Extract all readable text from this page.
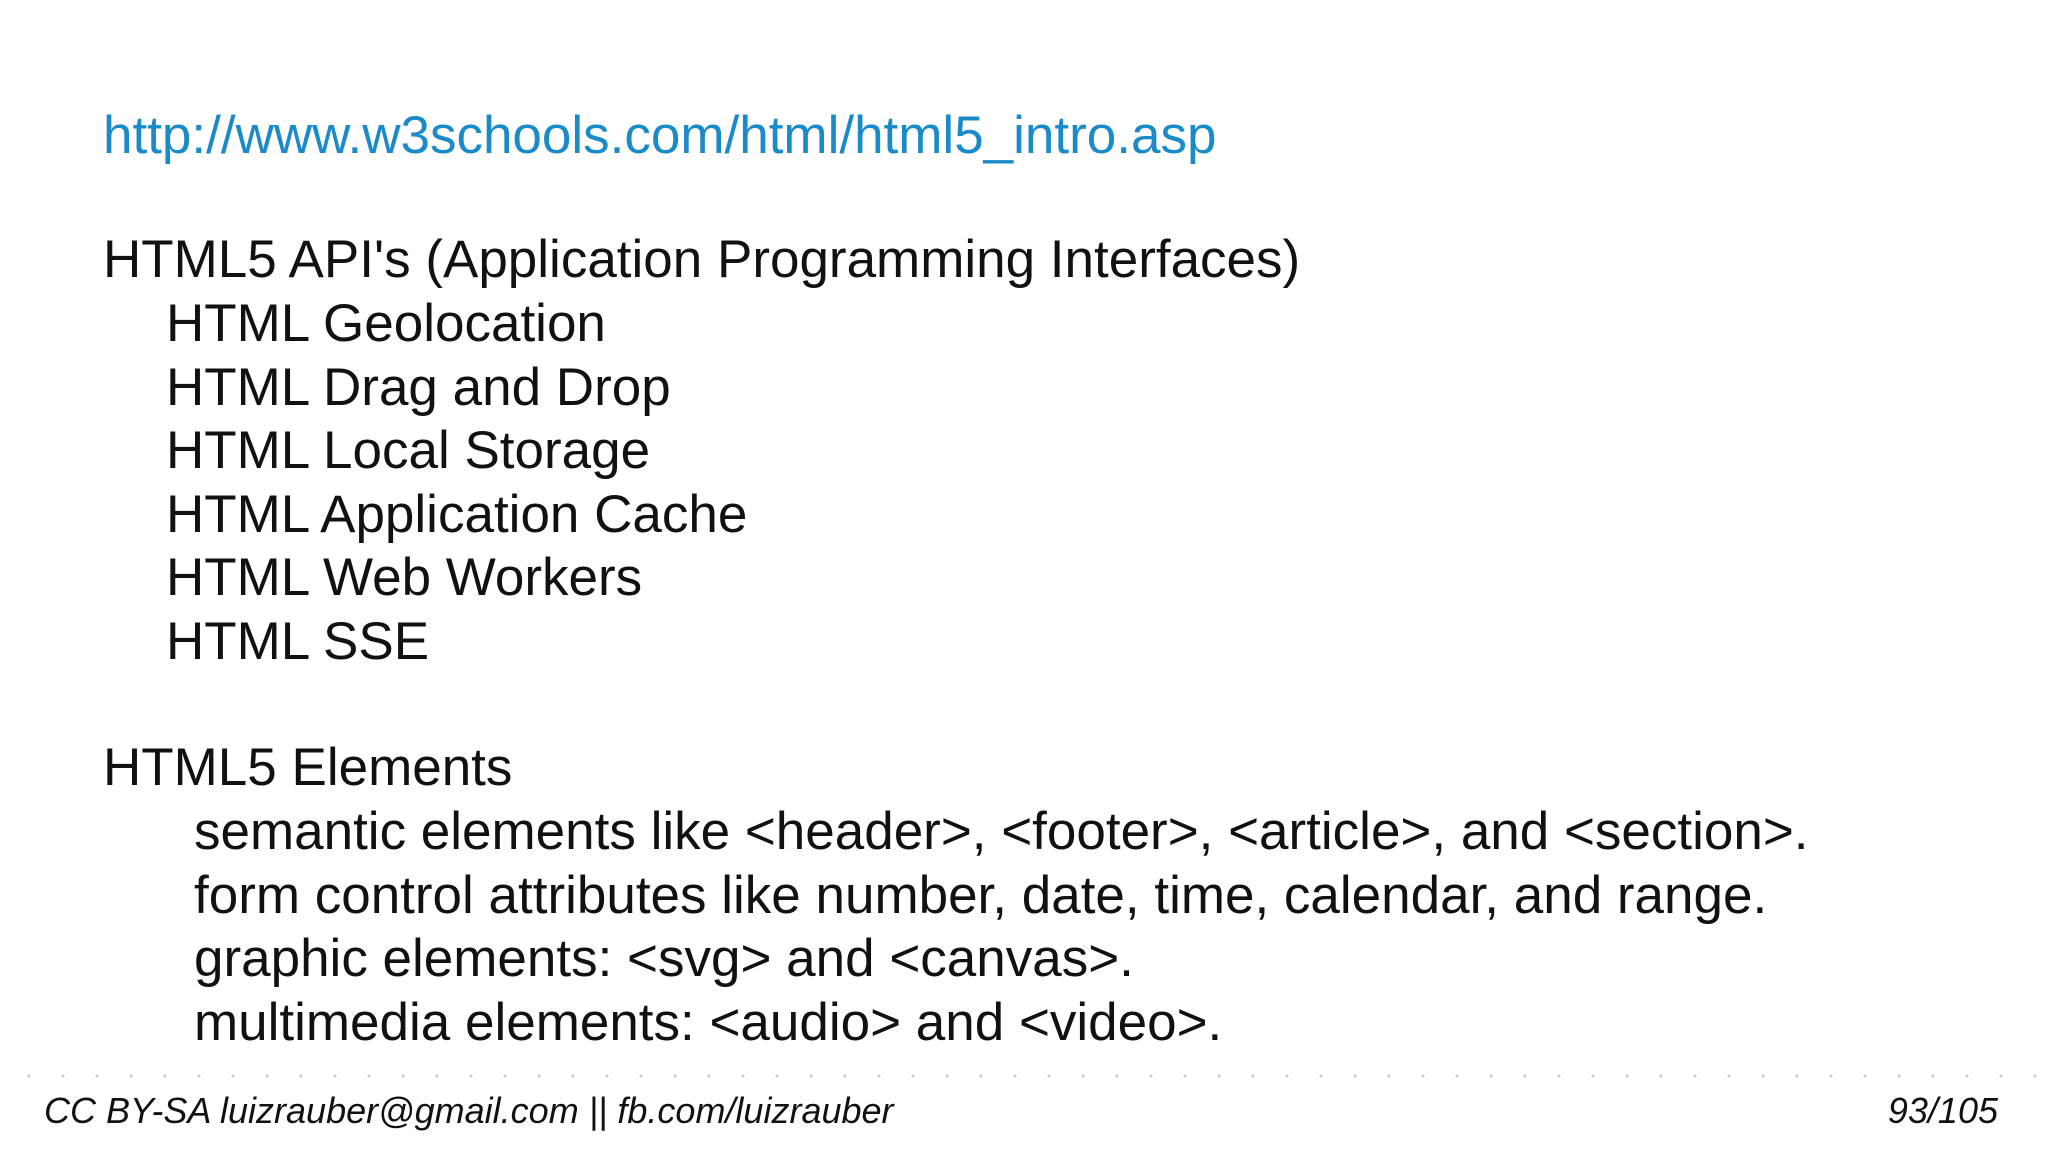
http://www.w3schools.com/html/html5_intro.asp
HTML5 API's (Application Programming Interfaces)
HTML Geolocation
HTML Drag and Drop
HTML Local Storage
HTML Application Cache
HTML Web Workers
HTML SSE
HTML5 Elements
semantic elements like <header>, <footer>, <article>, and <section>.
form control attributes like number, date, time, calendar, and range.
graphic elements: <svg> and <canvas>.
multimedia elements: <audio> and <video>.
CC BY-SA luizrauber@gmail.com || fb.com/luizrauber	93/105
